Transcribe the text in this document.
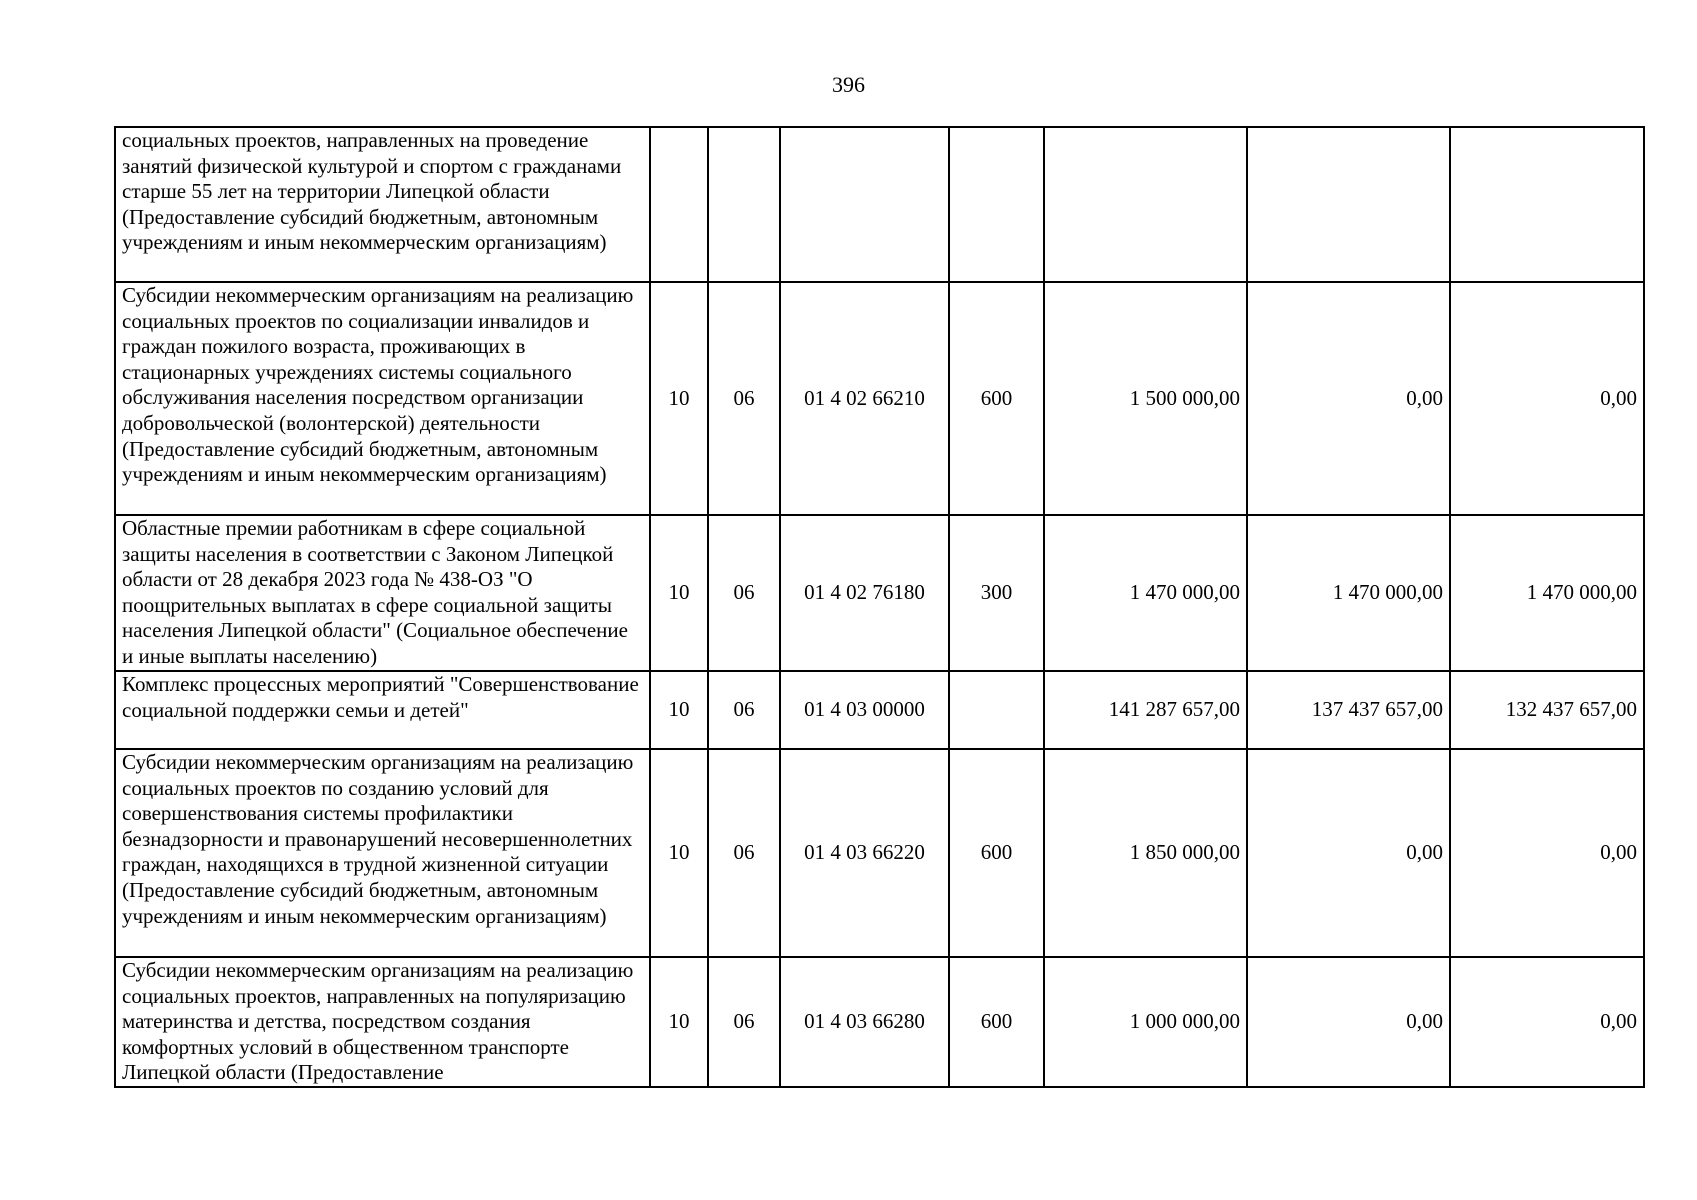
396
социальных проектов, направленных на проведение занятий физической культурой и спортом с гражданами старше 55 лет на территории Липецкой области (Предоставление субсидий бюджетным, автономным учреждениям и иным некоммерческим организациям)							
Субсидии некоммерческим организациям на реализацию социальных проектов по социализации инвалидов и граждан пожилого возраста, проживающих в стационарных учреждениях системы социального обслуживания населения посредством организации добровольческой (волонтерской) деятельности (Предоставление субсидий бюджетным, автономным учреждениям и иным некоммерческим организациям)	10	06	01 4 02 66210	600	1 500 000,00	0,00	0,00
Областные премии работникам в сфере социальной защиты населения в соответствии с Законом Липецкой области от 28 декабря 2023 года № 438-ОЗ "О поощрительных выплатах в сфере социальной защиты населения Липецкой области" (Социальное обеспечение и иные выплаты населению)	10	06	01 4 02 76180	300	1 470 000,00	1 470 000,00	1 470 000,00
Комплекс процессных мероприятий "Совершенствование социальной поддержки семьи и детей"	10	06	01 4 03 00000		141 287 657,00	137 437 657,00	132 437 657,00
Субсидии некоммерческим организациям на реализацию социальных проектов по созданию условий для совершенствования системы профилактики безнадзорности и правонарушений несовершеннолетних граждан, находящихся в трудной жизненной ситуации (Предоставление субсидий бюджетным, автономным учреждениям и иным некоммерческим организациям)	10	06	01 4 03 66220	600	1 850 000,00	0,00	0,00
Субсидии некоммерческим организациям на реализацию социальных проектов, направленных на популяризацию материнства и детства, посредством создания комфортных условий в общественном транспорте Липецкой области (Предоставление	10	06	01 4 03 66280	600	1 000 000,00	0,00	0,00
